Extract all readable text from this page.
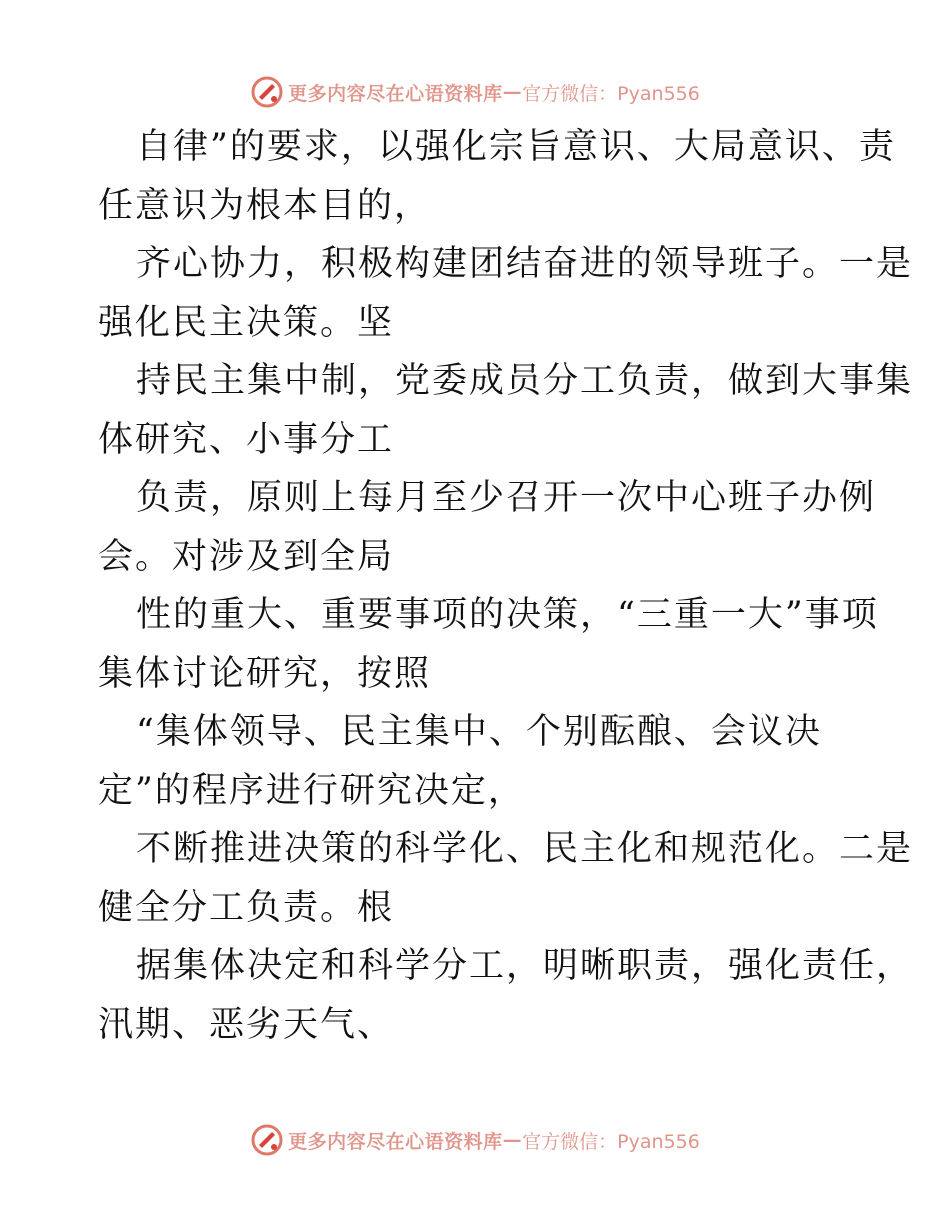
更多内容尽在心语资料库 — 官方微信：Pyan556
自律”的要求，以强化宗旨意识、大局意识、责
任意识为根本目的，
齐心协力，积极构建团结奋进的领导班子。一是
强化民主决策。坚
持民主集中制，党委成员分工负责，做到大事集
体研究、小事分工
负责，原则上每月至少召开一次中心班子办例
会。对涉及到全局
性的重大、重要事项的决策，“三重一大”事项
集体讨论研究，按照
“集体领导、民主集中、个别酝酿、会议决
定”的程序进行研究决定，
不断推进决策的科学化、民主化和规范化。二是
健全分工负责。根
据集体决定和科学分工，明晰职责，强化责任，
汛期、恶劣天气、
更多内容尽在心语资料库 — 官方微信：Pyan556
